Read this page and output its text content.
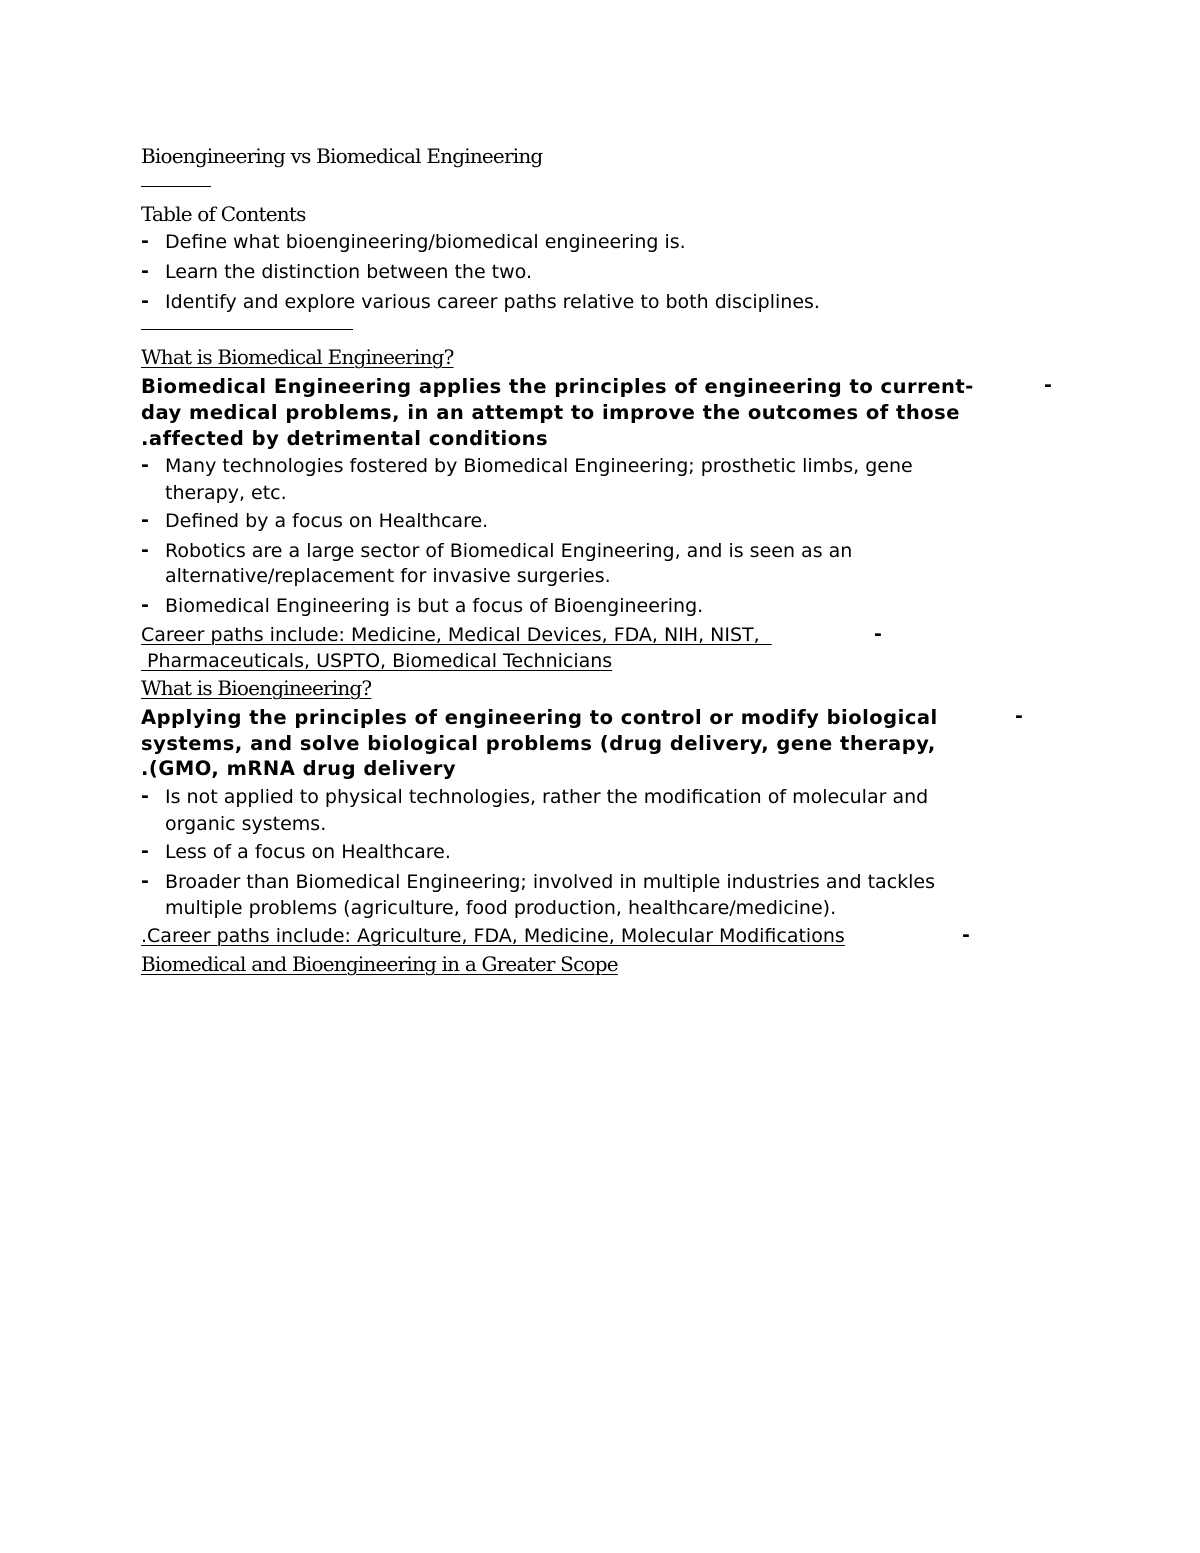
Bioengineering vs Biomedical Engineering
Table of Contents
- Define what bioengineering/biomedical engineering is.
- Learn the distinction between the two.
- Identify and explore various career paths relative to both disciplines.
What is Biomedical Engineering?
Biomedical Engineering applies the principles of engineering to current-	-
day medical problems, in an attempt to improve the outcomes of those
.affected by detrimental conditions
- Many technologies fostered by Biomedical Engineering; prosthetic limbs, gene
therapy, etc.
- Defined by a focus on Healthcare.
- Robotics are a large sector of Biomedical Engineering, and is seen as an
alternative/replacement for invasive surgeries.
- Biomedical Engineering is but a focus of Bioengineering.
Career paths include: Medicine, Medical Devices, FDA, NIH, NIST,	-
Pharmaceuticals, USPTO, Biomedical Technicians
What is Bioengineering?
Applying the principles of engineering to control or modify biological	-
systems, and solve biological problems (drug delivery, gene therapy,
.(GMO, mRNA drug delivery
- Is not applied to physical technologies, rather the modification of molecular and
organic systems.
- Less of a focus on Healthcare.
- Broader than Biomedical Engineering; involved in multiple industries and tackles
multiple problems (agriculture, food production, healthcare/medicine).
.Career paths include: Agriculture, FDA, Medicine, Molecular Modifications	-
Biomedical and Bioengineering in a Greater Scope
